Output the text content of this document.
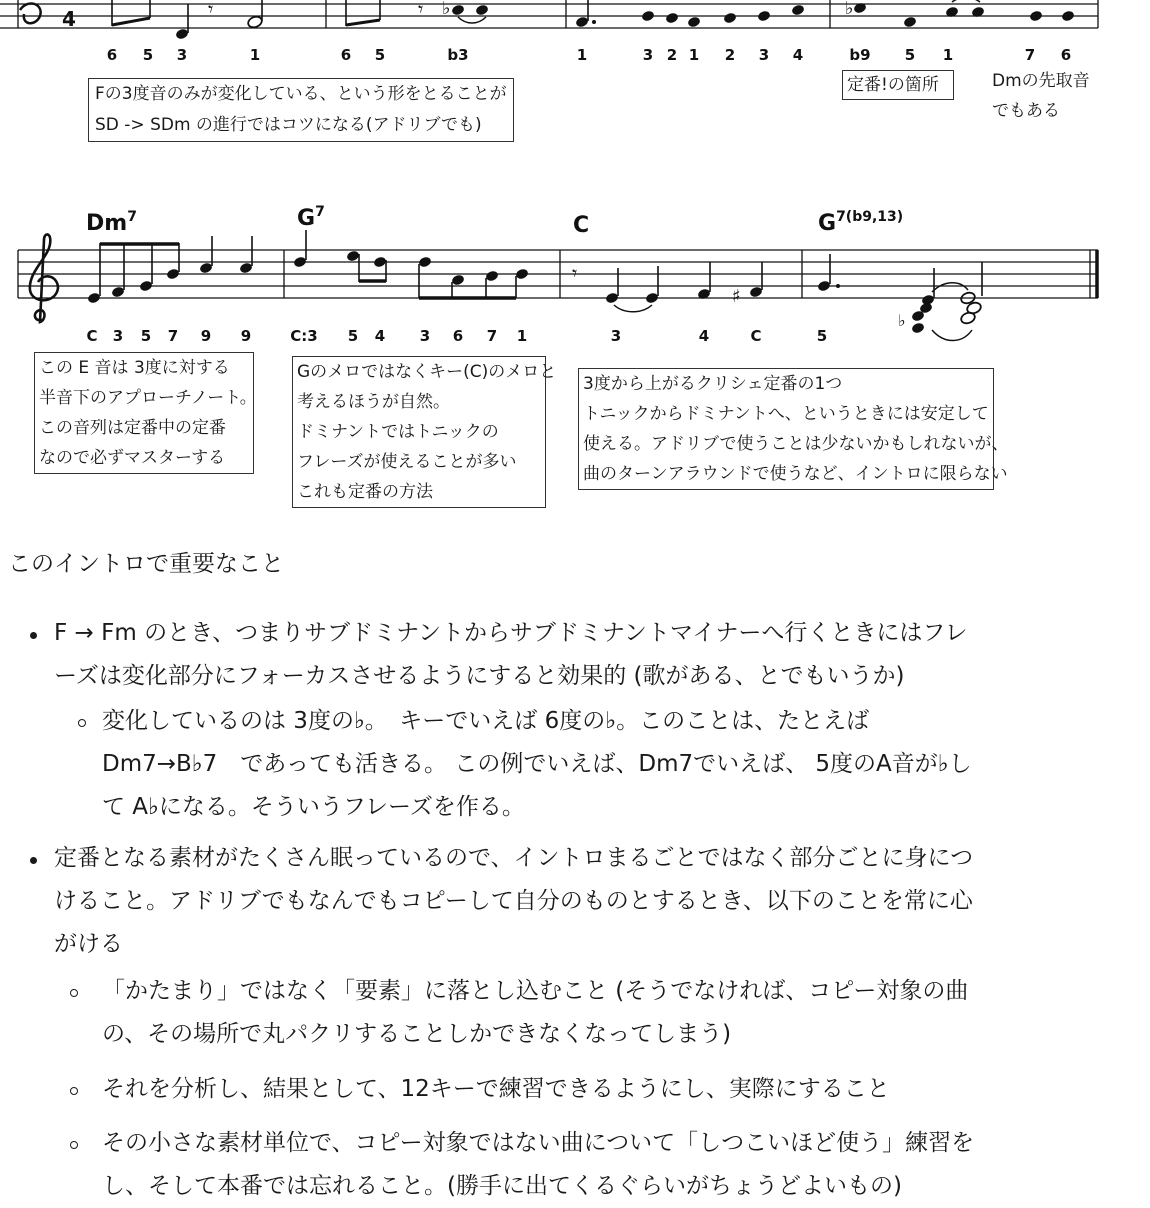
4	𝄾	𝄾 ♭	♭
6 5 3	1	6 5	b3	1	3 2 1 2 3 4	b9 5 1	7 6
Dm$^7$	$G^7$
C	$G^{7(b9,13)}$
𝄾
♯
♭
C 3 5 7 9 9	C:3 5 4 3 6 7 1	3	4	C	5
Fの3度音のみが変化している、という形をとることが
SD -> SDm の進行ではコツになる(アドリブでも)
定番!の箇所	Dmの先取音
でもある
この E 音は 3度に対する
半音下のアプローチノート。
この音列は定番中の定番
なので必ずマスターする
Gのメロではなくキー(C)のメロと
考えるほうが自然。
ドミナントではトニックの
フレーズが使えることが多い
これも定番の方法
3度から上がるクリシェ定番の1つ
トニックからドミナントへ、というときには安定して
使える。アドリブで使うことは少ないかもしれないが、
曲のターンアラウンドで使うなど、イントロに限らない
このイントロで重要なこと
F → Fm のとき、つまりサブドミナントからサブドミナントマイナーへ行くときにはフレ
ーズは変化部分にフォーカスさせるようにすると効果的 (歌がある、とでもいうか)
変化しているのは 3度の♭。　キーでいえば 6度の♭。このことは、たとえば
Dm7→B♭7　であっても活きる。 この例でいえば、Dm7でいえば、 5度のA音が♭し
て A♭になる。そういうフレーズを作る。
定番となる素材がたくさん眠っているので、イントロまるごとではなく部分ごとに身につ
けること。アドリブでもなんでもコピーして自分のものとするとき、以下のことを常に心
がける
「かたまり」ではなく「要素」に落とし込むこと (そうでなければ、コピー対象の曲
の、その場所で丸パクリすることしかできなくなってしまう)
それを分析し、結果として、12キーで練習できるようにし、実際にすること
その小さな素材単位で、コピー対象ではない曲について「しつこいほど使う」練習を
し、そして本番では忘れること。(勝手に出てくるぐらいがちょうどよいもの)
